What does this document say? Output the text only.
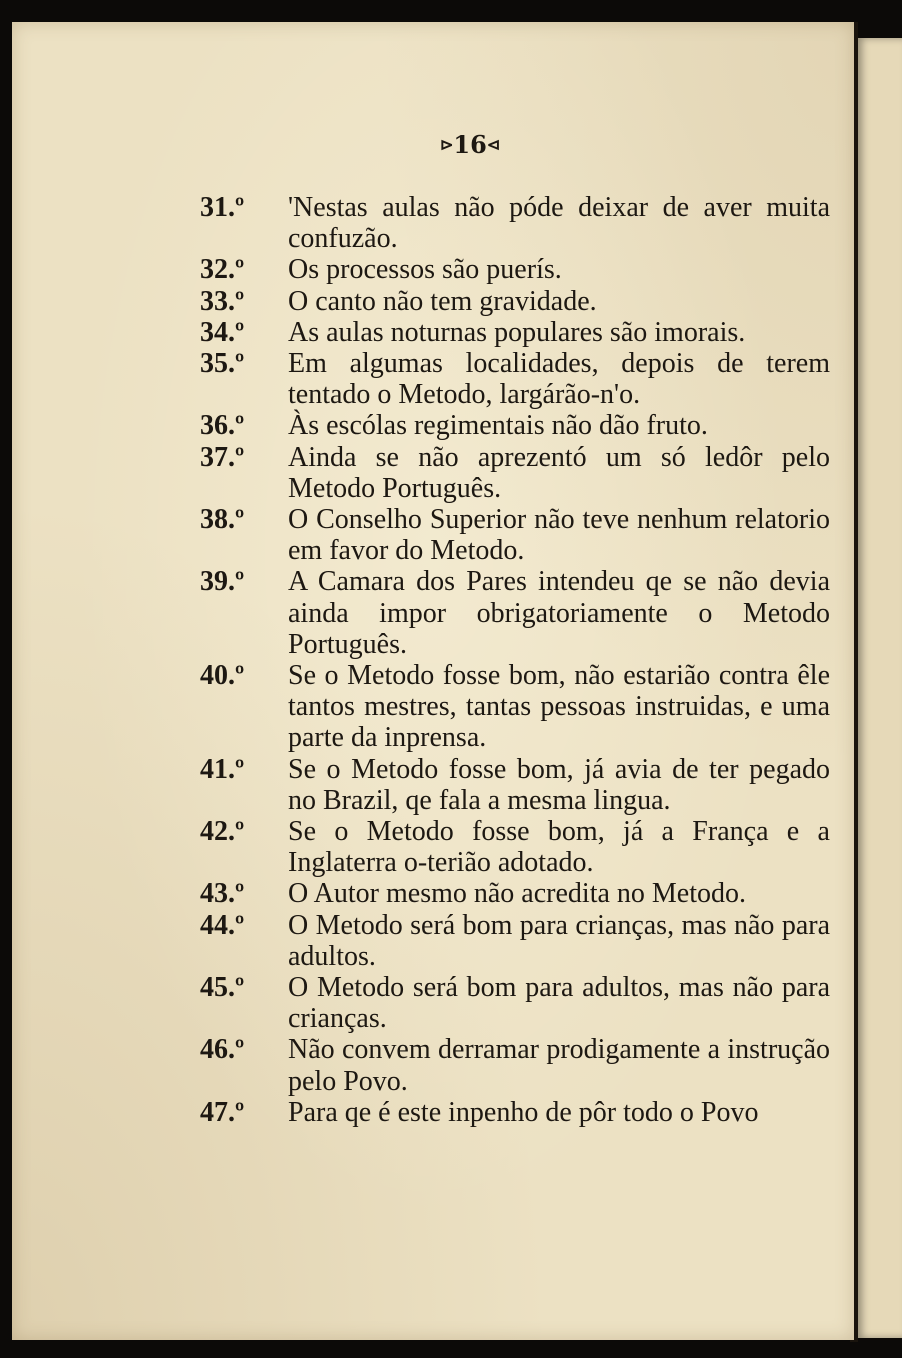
⊳16⊲
31.º	'Nestas aulas não póde deixar de aver muita confuzão.
32.º	Os processos são puerís.
33.º	O canto não tem gravidade.
34.º	As aulas noturnas populares são imorais.
35.º	Em algumas localidades, depois de terem tentado o Metodo, largárão-n'o.
36.º	Às escólas regimentais não dão fruto.
37.º	Ainda se não aprezentó um só ledôr pelo Metodo Português.
38.º	O Conselho Superior não teve nenhum relatorio em favor do Metodo.
39.º	A Camara dos Pares intendeu qe se não devia ainda impor obrigatoriamente o Metodo Português.
40.º	Se o Metodo fosse bom, não estarião contra êle tantos mestres, tantas pessoas instruidas, e uma parte da inprensa.
41.º	Se o Metodo fosse bom, já avia de ter pegado no Brazil, qe fala a mesma lingua.
42.º	Se o Metodo fosse bom, já a França e a Inglaterra o-terião adotado.
43.º	O Autor mesmo não acredita no Metodo.
44.º	O Metodo será bom para crianças, mas não para adultos.
45.º	O Metodo será bom para adultos, mas não para crianças.
46.º	Não convem derramar prodigamente a instrução pelo Povo.
47.º	Para qe é este inpenho de pôr todo o Povo
